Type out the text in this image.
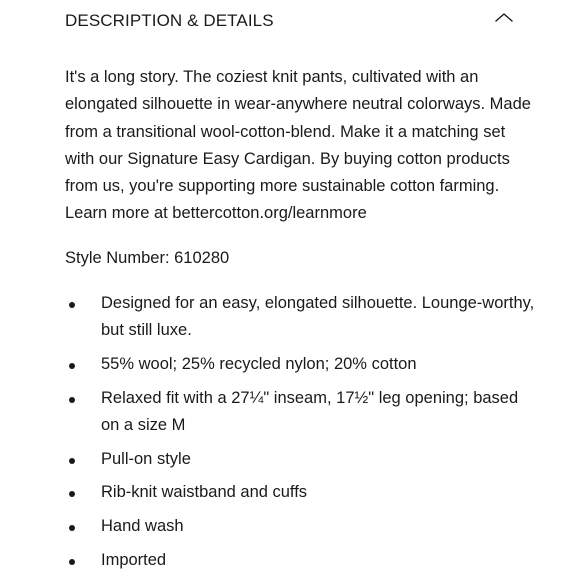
DESCRIPTION & DETAILS

It's a long story. The coziest knit pants, cultivated with an elongated silhouette in wear-anywhere neutral colorways. Made from a transitional wool-cotton-blend. Make it a matching set with our Signature Easy Cardigan. By buying cotton products from us, you're supporting more sustainable cotton farming. Learn more at bettercotton.org/learnmore

Style Number: 610280
Designed for an easy, elongated silhouette. Lounge-worthy, but still luxe.
55% wool; 25% recycled nylon; 20% cotton
Relaxed fit with a 27¼" inseam, 17½" leg opening; based on a size M
Pull-on style
Rib-knit waistband and cuffs
Hand wash
Imported
